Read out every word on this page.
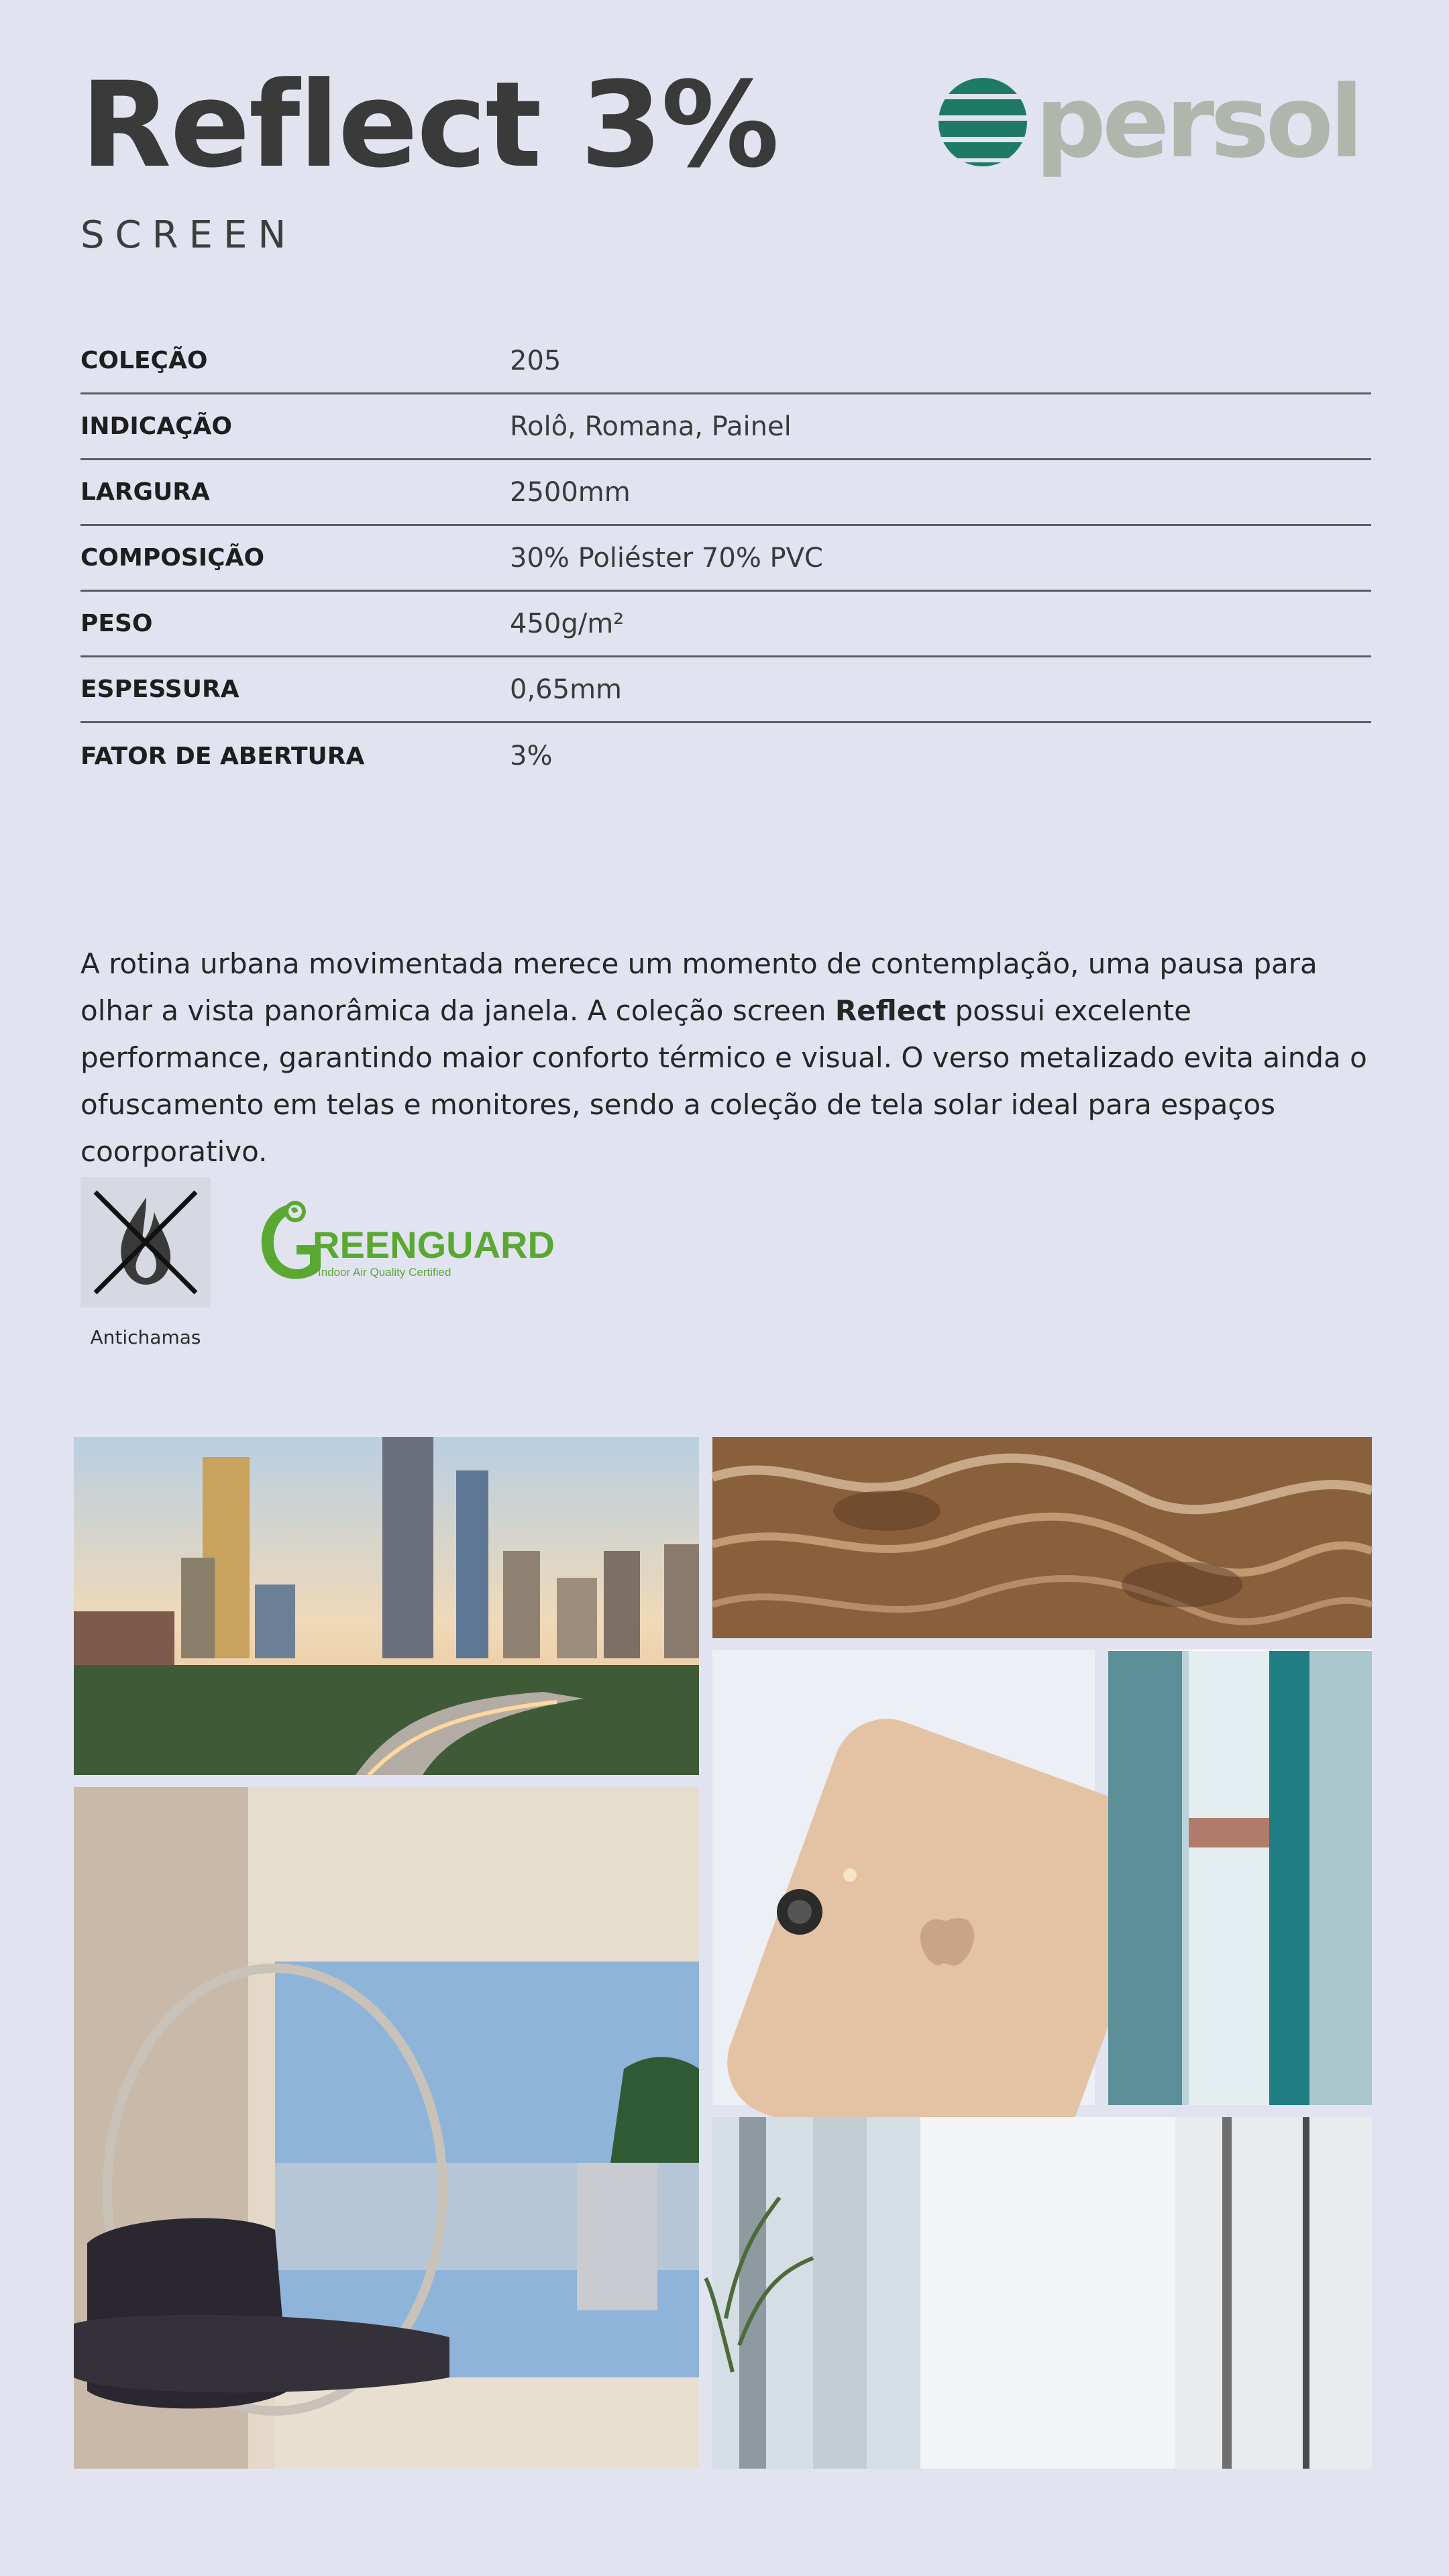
Reflect 3%
SCREEN
persol
COLEÇÃO	205
INDICAÇÃO	Rolô, Romana, Painel
LARGURA	2500mm
COMPOSIÇÃO	30% Poliéster 70% PVC
PESO	450g/m²
ESPESSURA	0,65mm
FATOR DE ABERTURA	3%

A rotina urbana movimentada merece um momento de contemplação, uma pausa para olhar a vista panorâmica da janela. A coleção screen Reflect possui excelente performance, garantindo maior conforto térmico e visual. O verso metalizado evita ainda o ofuscamento em telas e monitores, sendo a coleção de tela solar ideal para espaços coorporativo.

Antichamas
REENGUARD
Indoor Air Quality Certified
